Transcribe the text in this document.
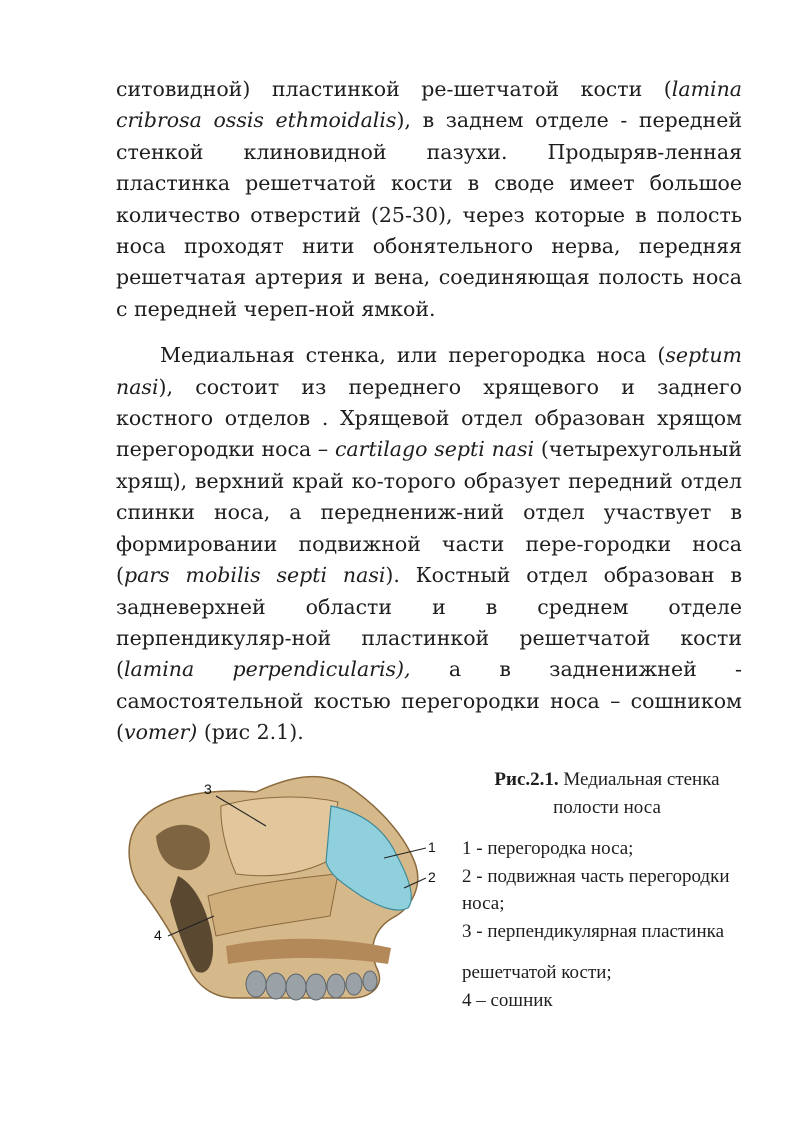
ситовидной) пластинкой ре-шетчатой кости (lamina cribrosa ossis ethmoidalis), в заднем отделе - передней стенкой клиновидной пазухи. Продыряв-ленная пластинка решетчатой кости в своде имеет большое количество отверстий (25-30), через которые в полость носа проходят нити обонятельного нерва, передняя решетчатая артерия и вена, соединяющая полость носа с передней череп-ной ямкой.

Медиальная стенка, или перегородка носа (septum nasi), состоит из переднего хрящевого и заднего костного отделов . Хрящевой отдел образован хрящом перегородки носа – cartilago septi nasi (четырехугольный хрящ), верхний край ко-торого образует передний отдел спинки носа, а переднениж-ний отдел участвует в формировании подвижной части пере-городки носа (pars mobilis septi nasi). Костный отдел образован в задневерхней области и в среднем отделе перпендикуляр-ной пластинкой решетчатой кости (lamina perpendicularis), а в задненижней - самостоятельной костью перегородки носа – сошником (vomer) (рис 2.1).

3
1
2
4

Рис.2.1. Медиальная стенка полости носа

1 - перегородка носа;

2 - подвижная часть перегородки носа;

3 - перпендикулярная пластинка

решетчатой кости;

4 – сошник
